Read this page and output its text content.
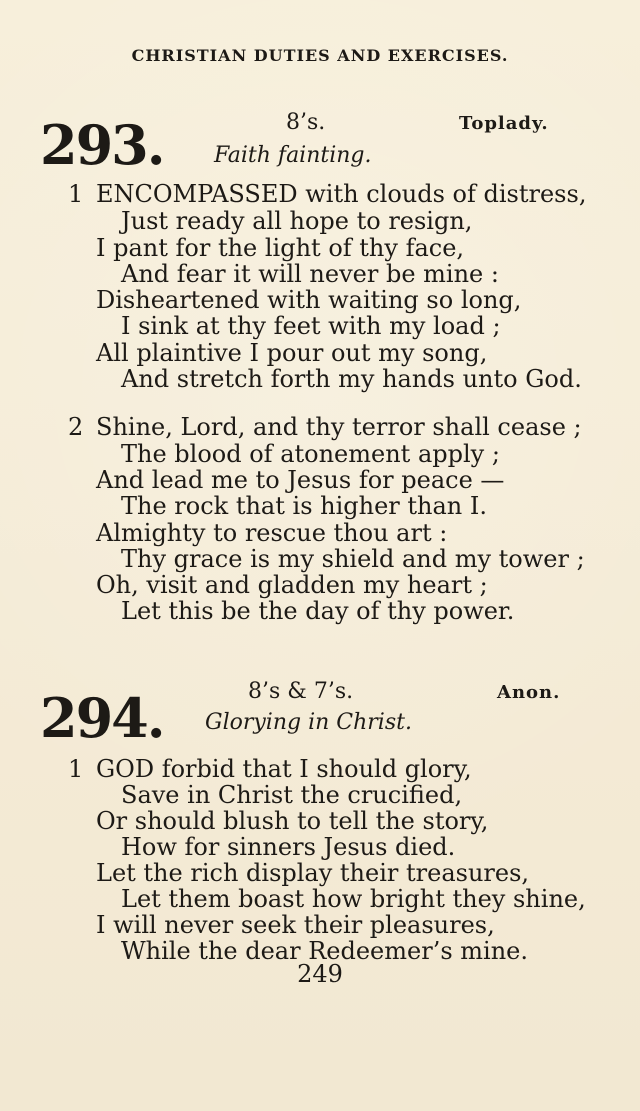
CHRISTIAN DUTIES AND EXERCISES.
293.	8’s.	Toplady.
Faith fainting.
1 ENCOMPASSED with clouds of distress,
Just ready all hope to resign,
I pant for the light of thy face,
And fear it will never be mine :
Disheartened with waiting so long,
I sink at thy feet with my load ;
All plaintive I pour out my song,
And stretch forth my hands unto God.
2 Shine, Lord, and thy terror shall cease ;
The blood of atonement apply ;
And lead me to Jesus for peace —
The rock that is higher than I.
Almighty to rescue thou art :
Thy grace is my shield and my tower ;
Oh, visit and gladden my heart ;
Let this be the day of thy power.
294.	8’s & 7’s.	Anon.
Glorying in Christ.
1 GOD forbid that I should glory,
Save in Christ the crucified,
Or should blush to tell the story,
How for sinners Jesus died.
Let the rich display their treasures,
Let them boast how bright they shine,
I will never seek their pleasures,
While the dear Redeemer’s mine.
249
